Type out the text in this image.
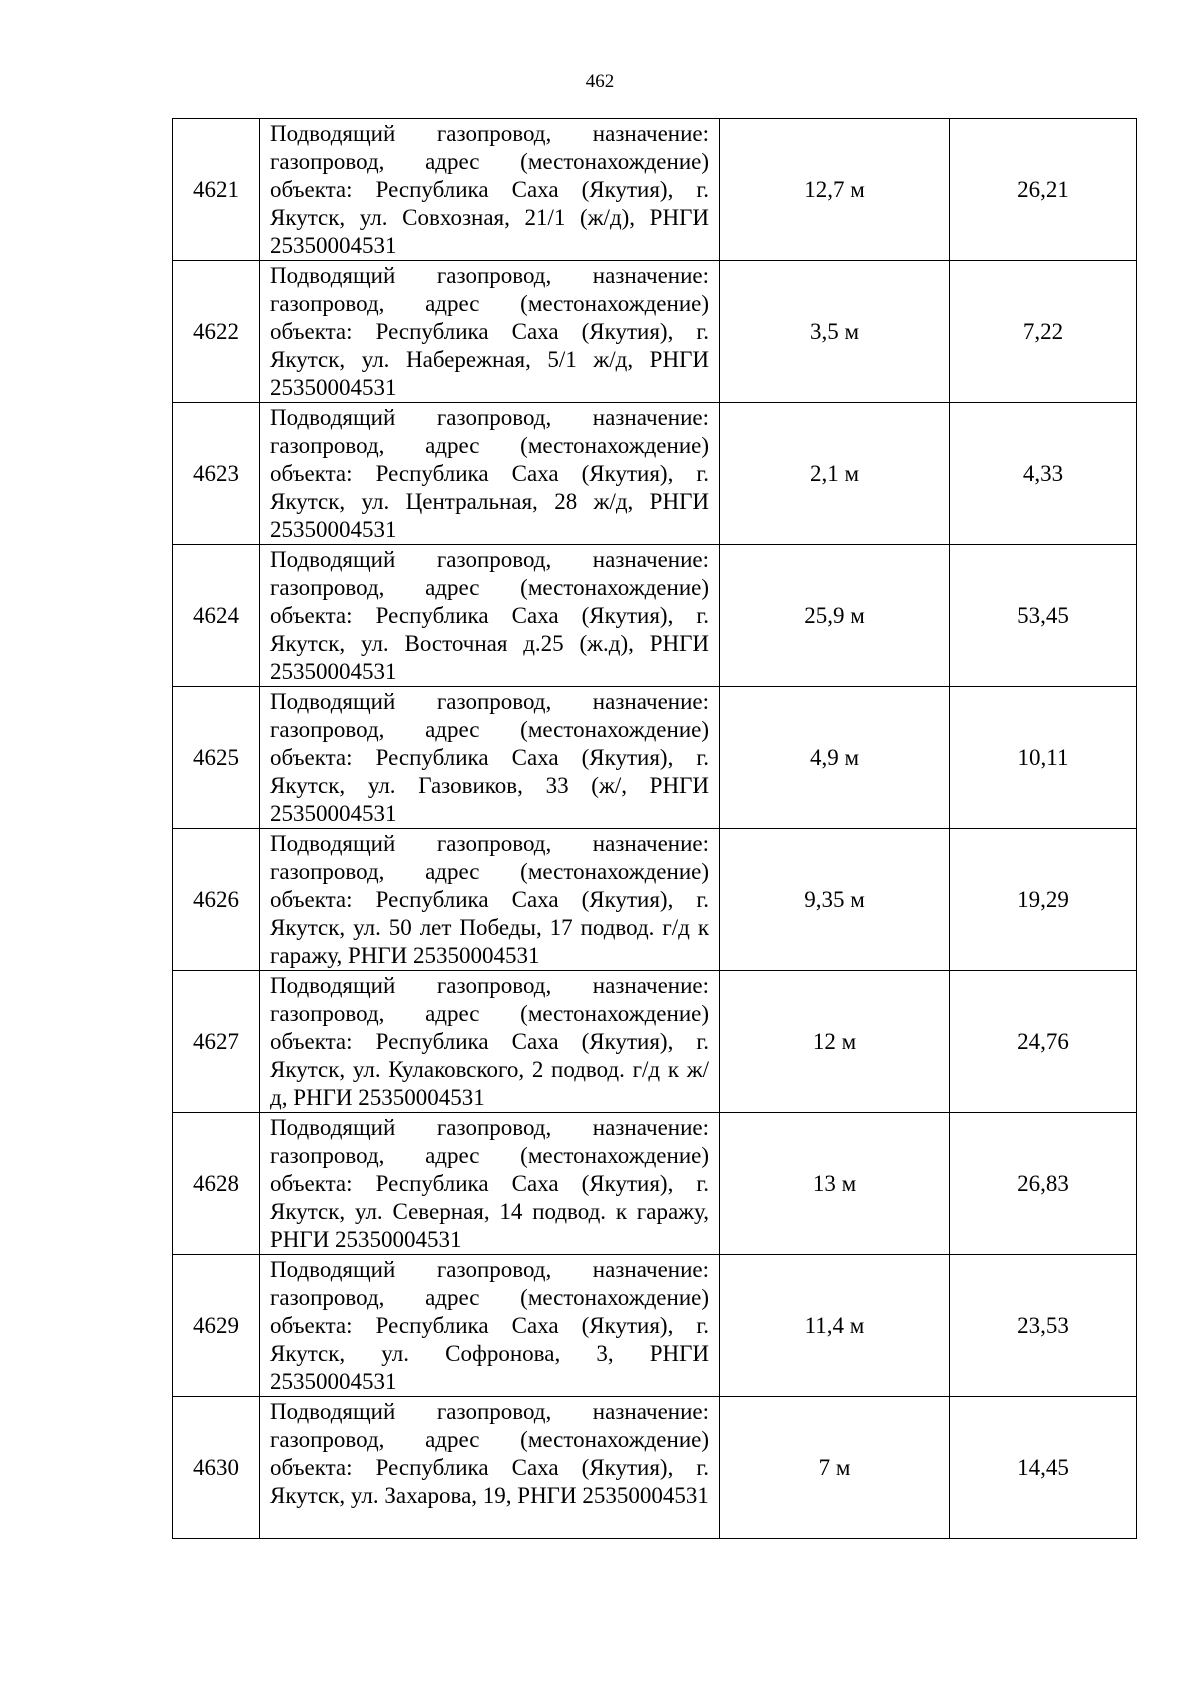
462
4621	Подводящий газопровод, назначение: газопровод, адрес (местонахождение) объекта: Республика Саха (Якутия), г. Якутск, ул. Совхозная, 21/1 (ж/д), РНГИ 25350004531	12,7 м	26,21
4622	Подводящий газопровод, назначение: газопровод, адрес (местонахождение) объекта: Республика Саха (Якутия), г. Якутск, ул. Набережная, 5/1 ж/д, РНГИ 25350004531	3,5 м	7,22
4623	Подводящий газопровод, назначение: газопровод, адрес (местонахождение) объекта: Республика Саха (Якутия), г. Якутск, ул. Центральная, 28 ж/д, РНГИ 25350004531	2,1 м	4,33
4624	Подводящий газопровод, назначение: газопровод, адрес (местонахождение) объекта: Республика Саха (Якутия), г. Якутск, ул. Восточная д.25 (ж.д), РНГИ 25350004531	25,9 м	53,45
4625	Подводящий газопровод, назначение: газопровод, адрес (местонахождение) объекта: Республика Саха (Якутия), г. Якутск, ул. Газовиков, 33 (ж/, РНГИ 25350004531	4,9 м	10,11
4626	Подводящий газопровод, назначение: газопровод, адрес (местонахождение) объекта: Республика Саха (Якутия), г. Якутск, ул. 50 лет Победы, 17 подвод. г/д к гаражу, РНГИ 25350004531	9,35 м	19,29
4627	Подводящий газопровод, назначение: газопровод, адрес (местонахождение) объекта: Республика Саха (Якутия), г. Якутск, ул. Кулаковского, 2 подвод. г/д к ж/д, РНГИ 25350004531	12 м	24,76
4628	Подводящий газопровод, назначение: газопровод, адрес (местонахождение) объекта: Республика Саха (Якутия), г. Якутск, ул. Северная, 14 подвод. к гаражу, РНГИ 25350004531	13 м	26,83
4629	Подводящий газопровод, назначение: газопровод, адрес (местонахождение) объекта: Республика Саха (Якутия), г. Якутск, ул. Софронова, 3, РНГИ 25350004531	11,4 м	23,53
4630	Подводящий газопровод, назначение: газопровод, адрес (местонахождение) объекта: Республика Саха (Якутия), г. Якутск, ул. Захарова, 19, РНГИ 25350004531	7 м	14,45
